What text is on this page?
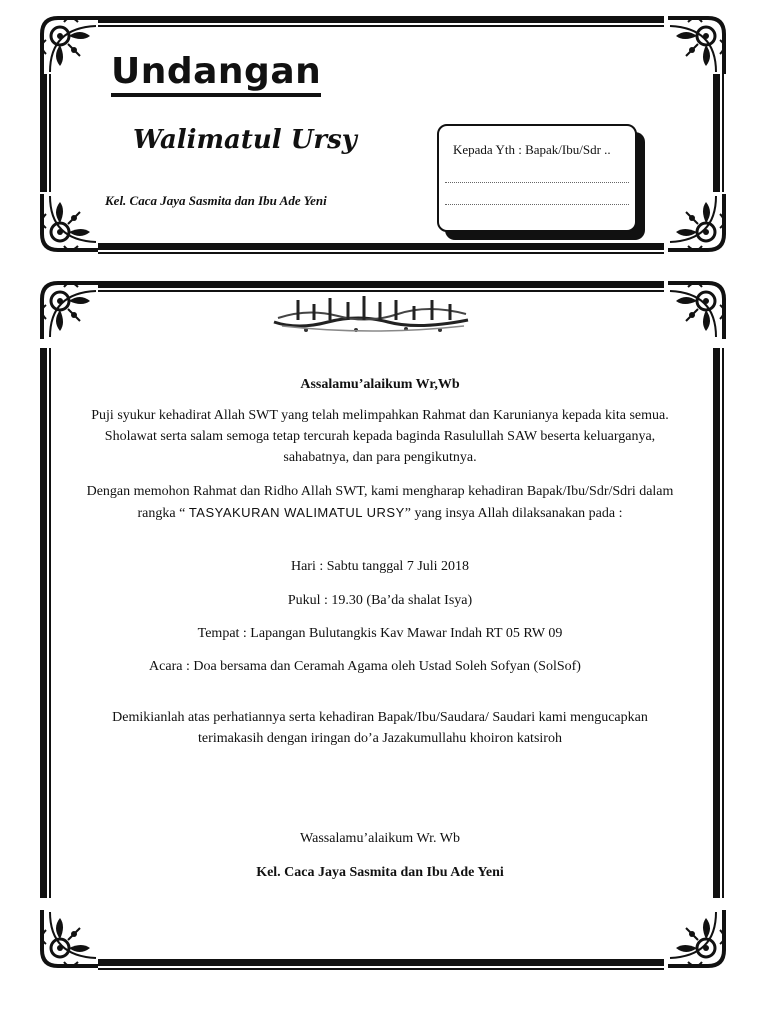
Undangan
Walimatul Ursy
Kel. Caca Jaya Sasmita dan Ibu Ade Yeni
Kepada Yth : Bapak/Ibu/Sdr ..
Assalamu’alaikum Wr,Wb
Puji syukur kehadirat Allah SWT yang telah melimpahkan Rahmat dan Karunianya kepada kita semua. Sholawat serta salam semoga tetap tercurah kepada baginda Rasulullah SAW beserta keluarganya, sahabatnya, dan para pengikutnya.
Dengan memohon Rahmat dan Ridho Allah SWT, kami mengharap kehadiran Bapak/Ibu/Sdr/Sdri dalam rangka “ TASYAKURAN WALIMATUL URSY” yang insya Allah dilaksanakan pada :
Hari : Sabtu tanggal 7 Juli 2018
Pukul : 19.30 (Ba’da shalat Isya)
Tempat : Lapangan Bulutangkis Kav Mawar Indah RT 05 RW 09
Acara : Doa bersama dan Ceramah Agama oleh Ustad Soleh Sofyan (SolSof)
Demikianlah atas perhatiannya serta kehadiran Bapak/Ibu/Saudara/ Saudari kami mengucapkan terimakasih dengan iringan do’a Jazakumullahu khoiron katsiroh
Wassalamu’alaikum Wr. Wb
Kel. Caca Jaya Sasmita dan Ibu Ade Yeni
